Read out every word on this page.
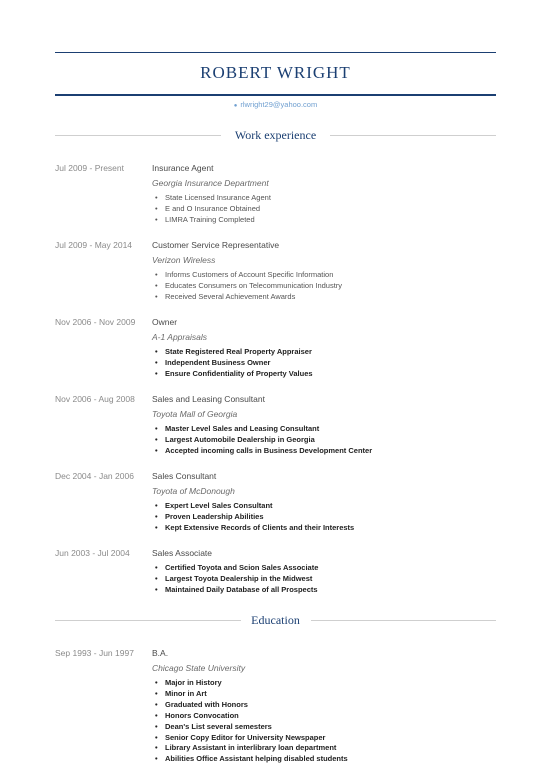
ROBERT WRIGHT
● rlwright29@yahoo.com
Work experience
Jul 2009 - Present	Insurance Agent
Georgia Insurance Department
• State Licensed Insurance Agent
• E and O Insurance Obtained
• LIMRA Training Completed
Jul 2009 - May 2014 Customer Service Representative
Verizon Wireless
• Informs Customers of Account Specific Information
• Educates Consumers on Telecommunication Industry
• Received Several Achievement Awards
Nov 2006 - Nov 2009 Owner
A-1 Appraisals
• State Registered Real Property Appraiser
• Independent Business Owner
• Ensure Confidentiality of Property Values
Nov 2006 - Aug 2008 Sales and Leasing Consultant
Toyota Mall of Georgia
• Master Level Sales and Leasing Consultant
• Largest Automobile Dealership in Georgia
• Accepted incoming calls in Business Development Center
Dec 2004 - Jan 2006 Sales Consultant
Toyota of McDonough
• Expert Level Sales Consultant
• Proven Leadership Abilities
• Kept Extensive Records of Clients and their Interests
Jun 2003 - Jul 2004	Sales Associate
• Certified Toyota and Scion Sales Associate
• Largest Toyota Dealership in the Midwest
• Maintained Daily Database of all Prospects
Education
Sep 1993 - Jun 1997 B.A.
Chicago State University
• Major in History
• Minor in Art
• Graduated with Honors
• Honors Convocation
• Dean's List several semesters
• Senior Copy Editor for University Newspaper
• Library Assistant in interlibrary loan department
• Abilities Office Assistant helping disabled students
